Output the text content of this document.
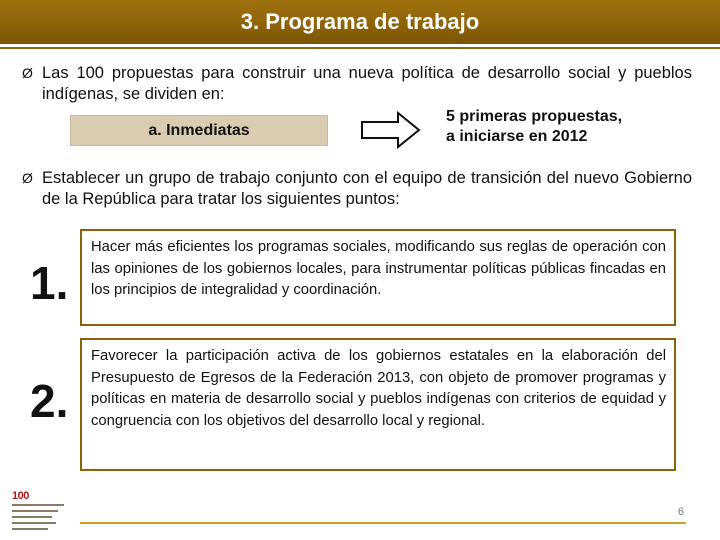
3. Programa de trabajo
Ø Las 100 propuestas para construir una nueva política de desarrollo social y pueblos indígenas, se dividen en:
a. Inmediatas
5 primeras propuestas,
a iniciarse en 2012
Ø Establecer un grupo de trabajo conjunto con el equipo de transición del nuevo Gobierno de la República para tratar los siguientes puntos:
1.
Hacer más eficientes los programas sociales, modificando sus reglas de operación con las opiniones de los gobiernos locales, para instrumentar políticas públicas fincadas en los principios de integralidad y coordinación.
2.
Favorecer la participación activa de los gobiernos estatales en la elaboración del Presupuesto de Egresos de la Federación 2013, con objeto de promover programas y políticas en materia de desarrollo social y pueblos indígenas con criterios de equidad y congruencia con los objetivos del desarrollo local y regional.
100
6
